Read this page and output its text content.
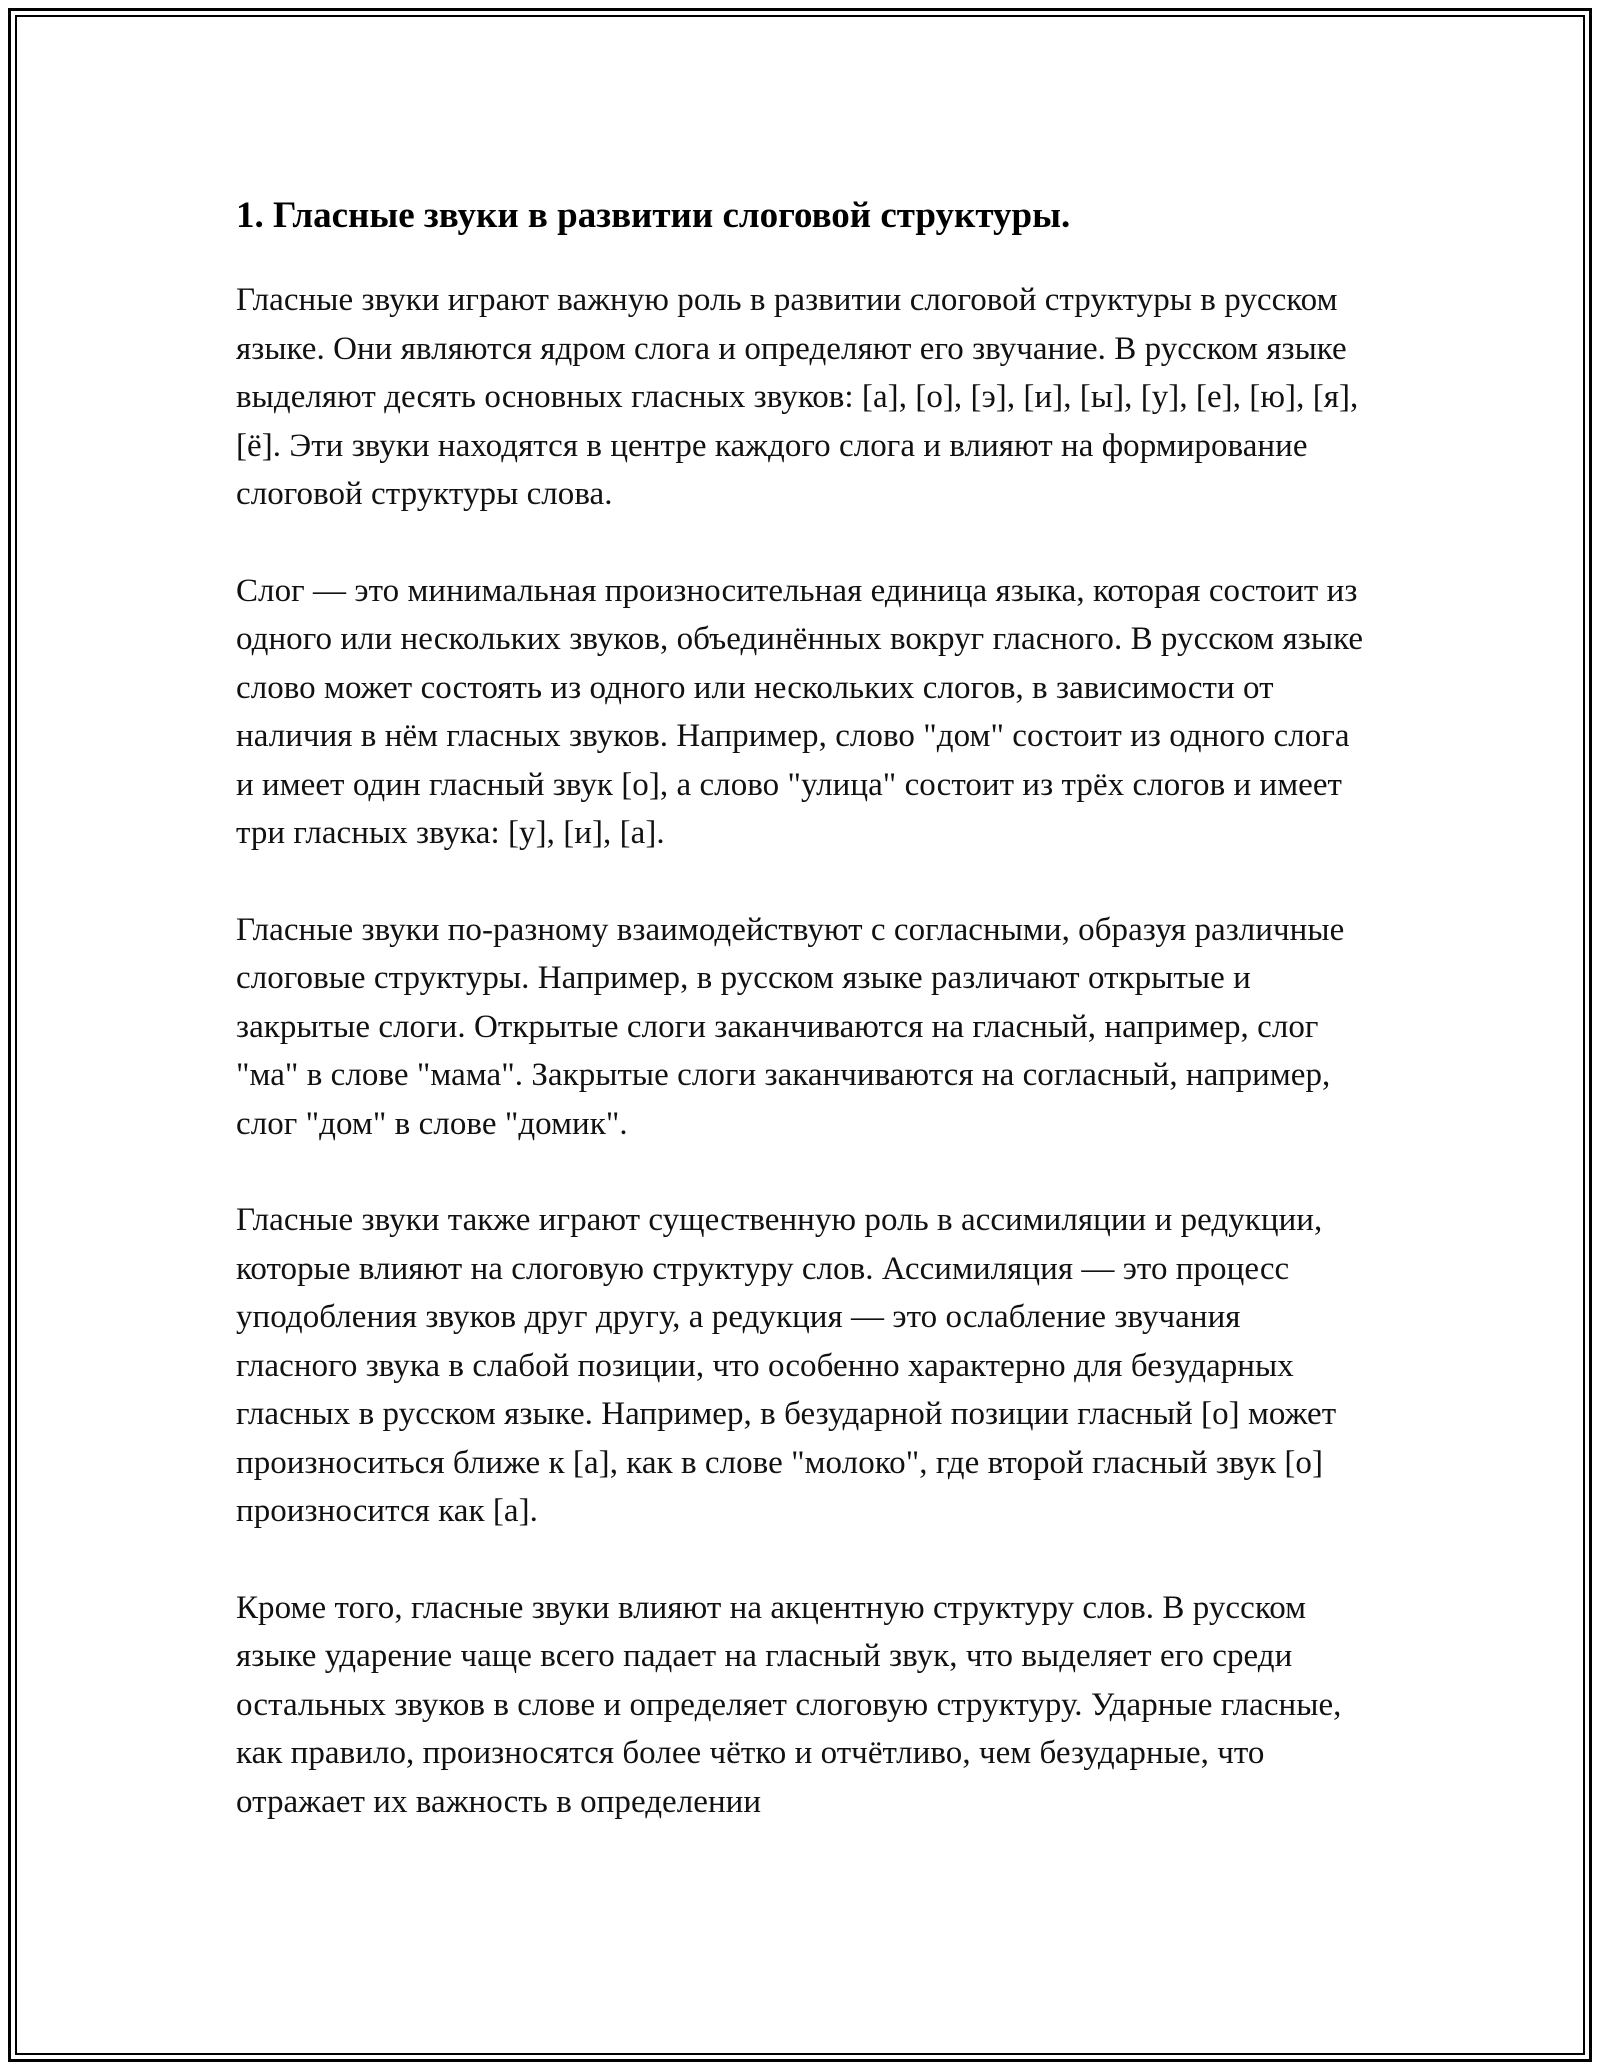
1. Гласные звуки в развитии слоговой структуры.

Гласные звуки играют важную роль в развитии слоговой структуры в русском языке. Они являются ядром слога и определяют его звучание. В русском языке выделяют десять основных гласных звуков: [а], [о], [э], [и], [ы], [у], [е], [ю], [я], [ё]. Эти звуки находятся в центре каждого слога и влияют на формирование слоговой структуры слова.

Слог — это минимальная произносительная единица языка, которая состоит из одного или нескольких звуков, объединённых вокруг гласного. В русском языке слово может состоять из одного или нескольких слогов, в зависимости от наличия в нём гласных звуков. Например, слово "дом" состоит из одного слога и имеет один гласный звук [о], а слово "улица" состоит из трёх слогов и имеет три гласных звука: [у], [и], [а].

Гласные звуки по-разному взаимодействуют с согласными, образуя различные слоговые структуры. Например, в русском языке различают открытые и закрытые слоги. Открытые слоги заканчиваются на гласный, например, слог "ма" в слове "мама". Закрытые слоги заканчиваются на согласный, например, слог "дом" в слове "домик".

Гласные звуки также играют существенную роль в ассимиляции и редукции, которые влияют на слоговую структуру слов. Ассимиляция — это процесс уподобления звуков друг другу, а редукция — это ослабление звучания гласного звука в слабой позиции, что особенно характерно для безударных гласных в русском языке. Например, в безударной позиции гласный [о] может произноситься ближе к [а], как в слове "молоко", где второй гласный звук [о] произносится как [а].

Кроме того, гласные звуки влияют на акцентную структуру слов. В русском языке ударение чаще всего падает на гласный звук, что выделяет его среди остальных звуков в слове и определяет слоговую структуру. Ударные гласные, как правило, произносятся более чётко и отчётливо, чем безударные, что отражает их важность в определении
